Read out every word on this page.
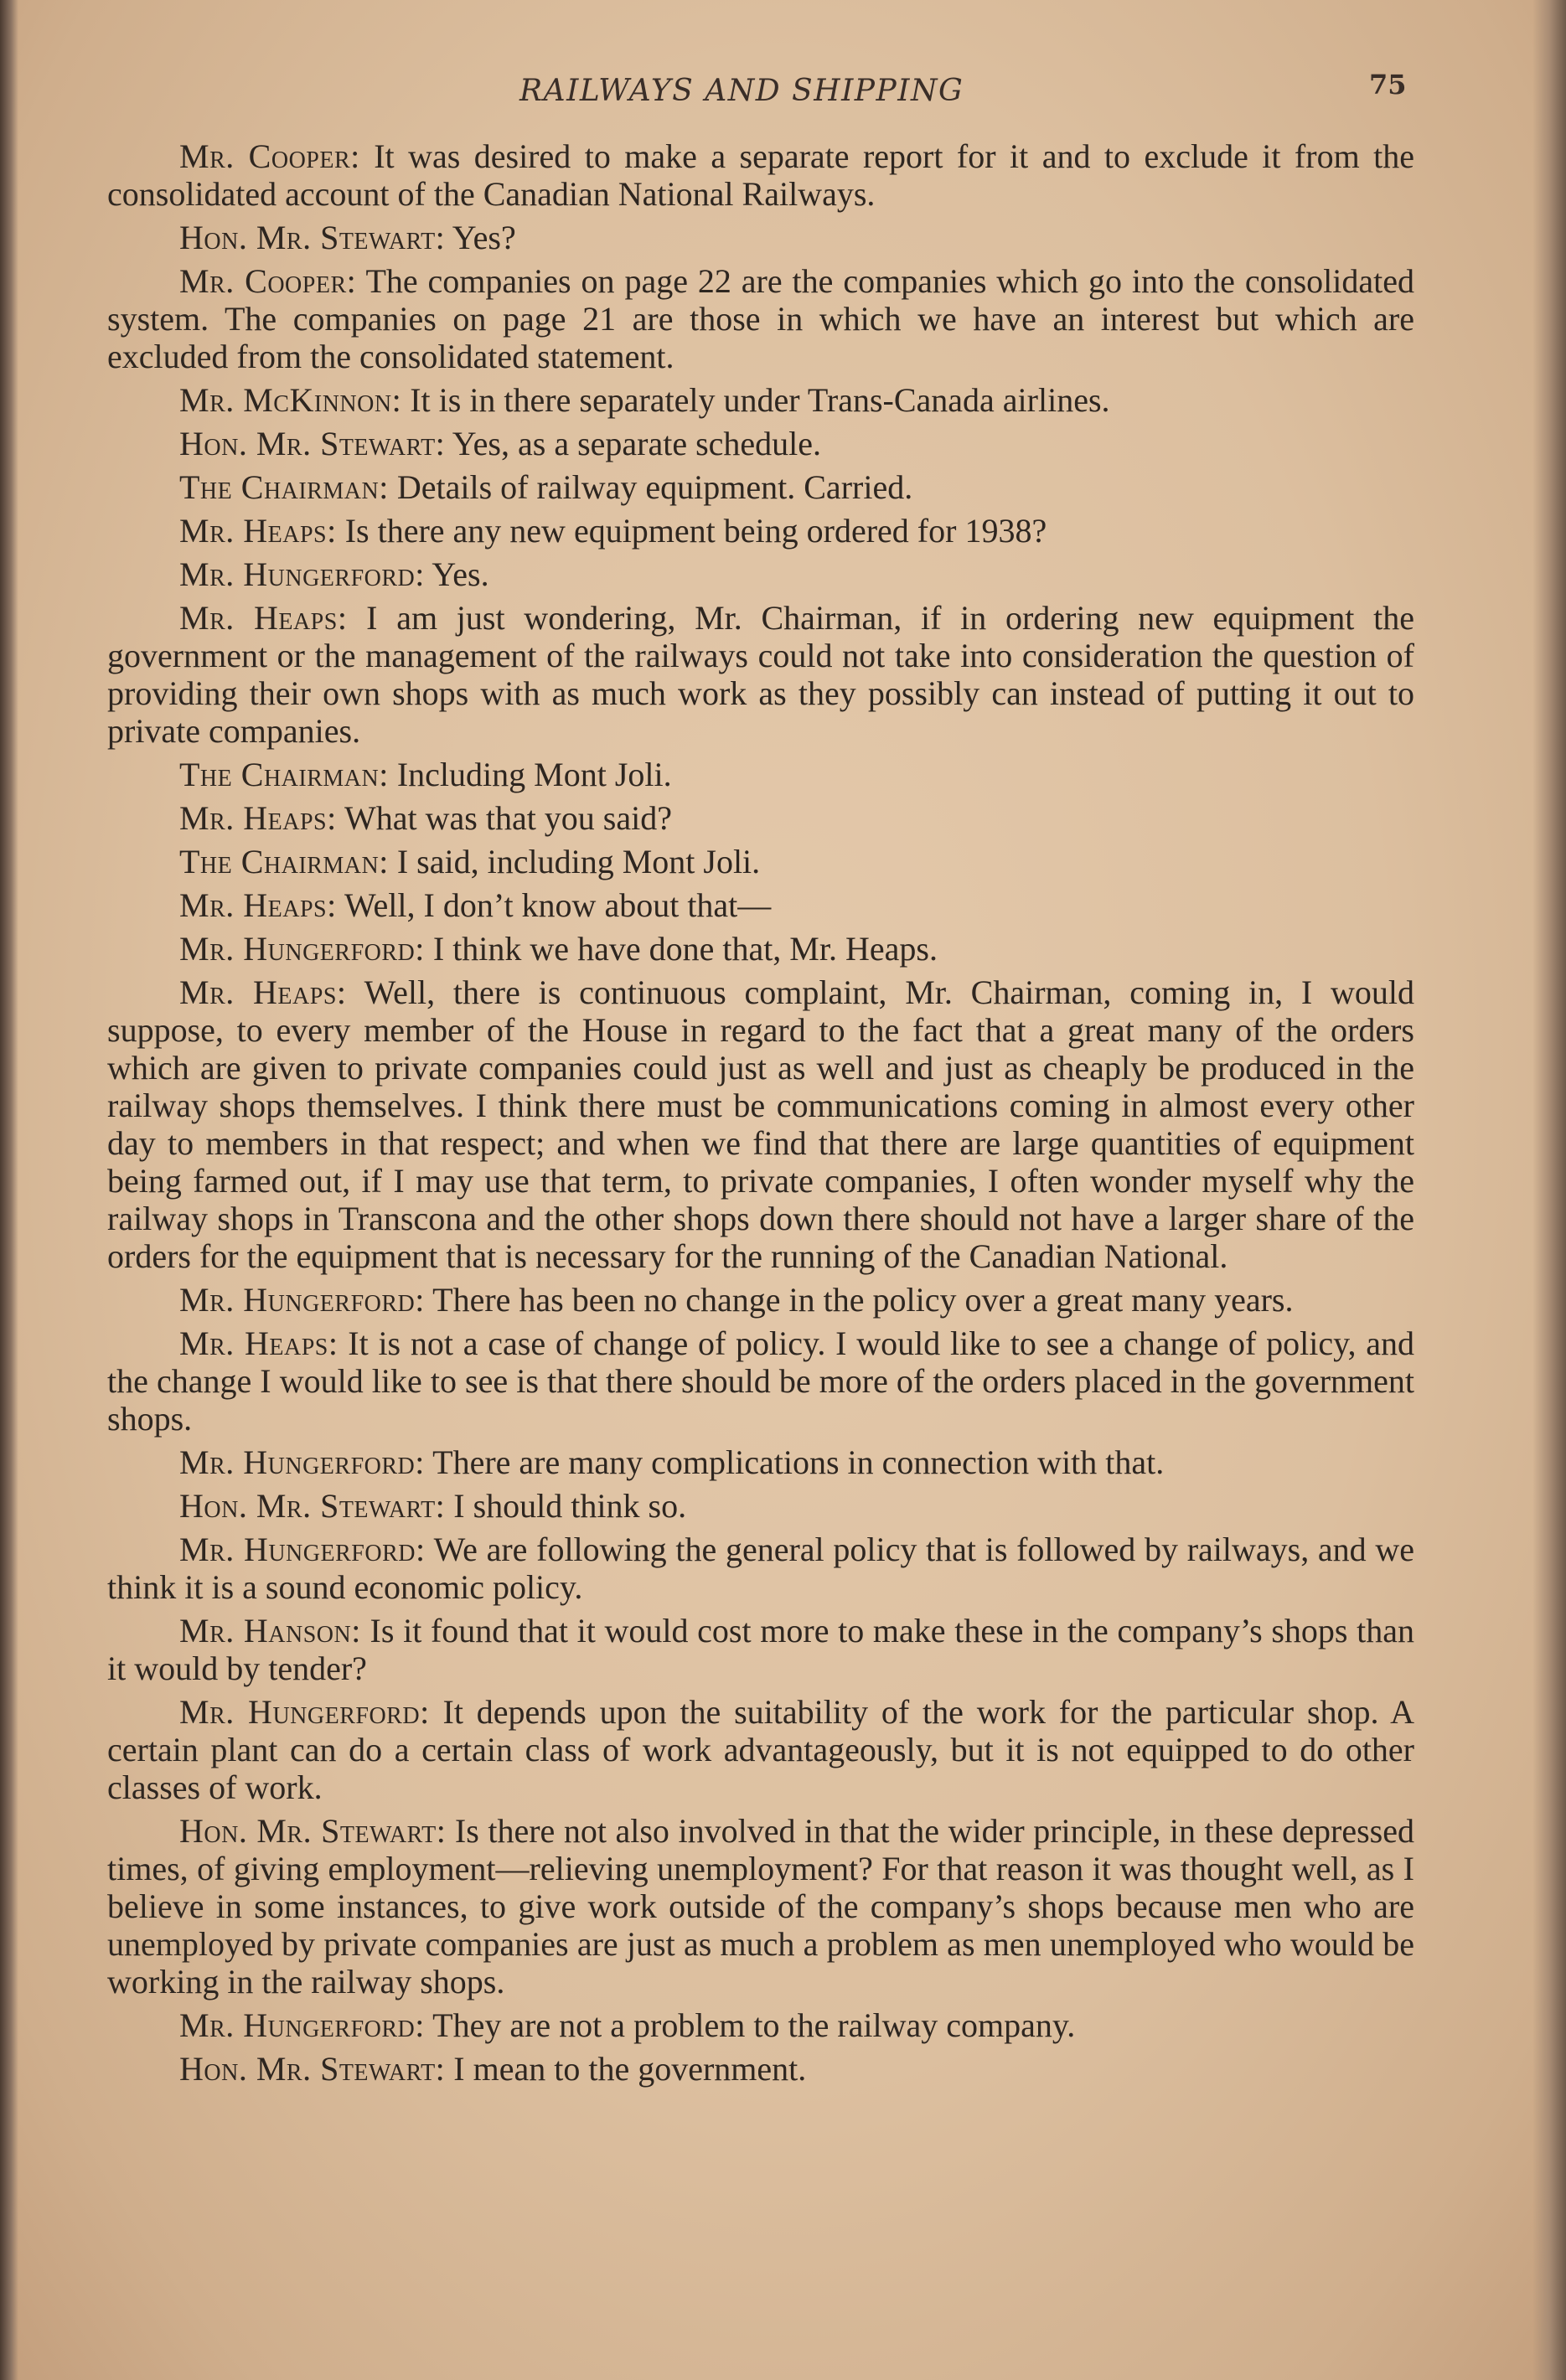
RAILWAYS AND SHIPPING	75

Mr. Cooper: It was desired to make a separate report for it and to exclude it from the consolidated account of the Canadian National Railways.

Hon. Mr. Stewart: Yes?

Mr. Cooper: The companies on page 22 are the companies which go into the consolidated system. The companies on page 21 are those in which we have an interest but which are excluded from the consolidated statement.

Mr. McKinnon: It is in there separately under Trans-Canada airlines.

Hon. Mr. Stewart: Yes, as a separate schedule.

The Chairman: Details of railway equipment. Carried.

Mr. Heaps: Is there any new equipment being ordered for 1938?

Mr. Hungerford: Yes.

Mr. Heaps: I am just wondering, Mr. Chairman, if in ordering new equipment the government or the management of the railways could not take into consideration the question of providing their own shops with as much work as they possibly can instead of putting it out to private companies.

The Chairman: Including Mont Joli.

Mr. Heaps: What was that you said?

The Chairman: I said, including Mont Joli.

Mr. Heaps: Well, I don’t know about that—

Mr. Hungerford: I think we have done that, Mr. Heaps.

Mr. Heaps: Well, there is continuous complaint, Mr. Chairman, coming in, I would suppose, to every member of the House in regard to the fact that a great many of the orders which are given to private companies could just as well and just as cheaply be produced in the railway shops themselves. I think there must be communications coming in almost every other day to members in that respect; and when we find that there are large quantities of equipment being farmed out, if I may use that term, to private companies, I often wonder myself why the railway shops in Transcona and the other shops down there should not have a larger share of the orders for the equipment that is necessary for the running of the Canadian National.

Mr. Hungerford: There has been no change in the policy over a great many years.

Mr. Heaps: It is not a case of change of policy. I would like to see a change of policy, and the change I would like to see is that there should be more of the orders placed in the government shops.

Mr. Hungerford: There are many complications in connection with that.

Hon. Mr. Stewart: I should think so.

Mr. Hungerford: We are following the general policy that is followed by railways, and we think it is a sound economic policy.

Mr. Hanson: Is it found that it would cost more to make these in the company’s shops than it would by tender?

Mr. Hungerford: It depends upon the suitability of the work for the particular shop. A certain plant can do a certain class of work advantageously, but it is not equipped to do other classes of work.

Hon. Mr. Stewart: Is there not also involved in that the wider principle, in these depressed times, of giving employment—relieving unemployment? For that reason it was thought well, as I believe in some instances, to give work outside of the company’s shops because men who are unemployed by private companies are just as much a problem as men unemployed who would be working in the railway shops.

Mr. Hungerford: They are not a problem to the railway company.

Hon. Mr. Stewart: I mean to the government.
